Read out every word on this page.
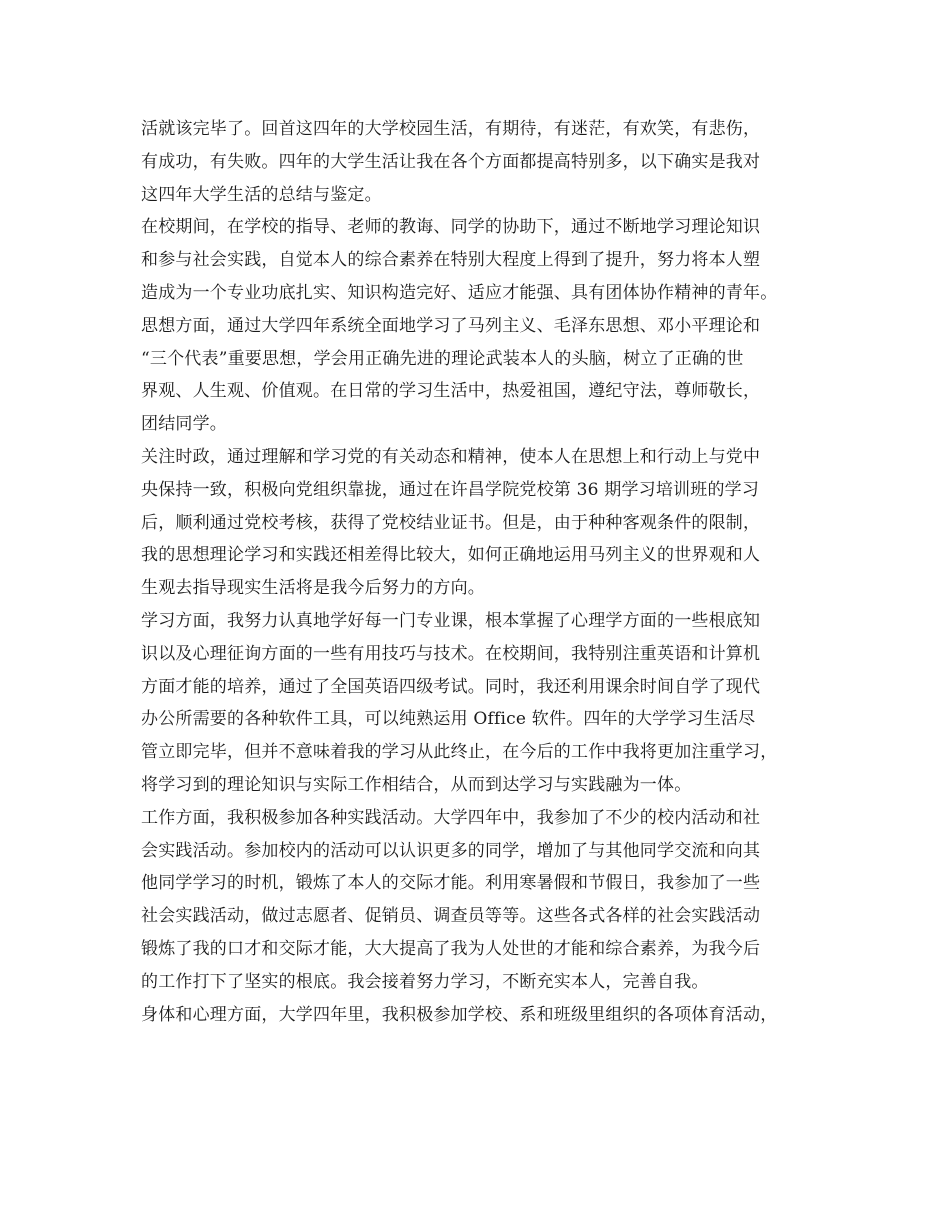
活就该完毕了。回首这四年的大学校园生活，有期待，有迷茫，有欢笑，有悲伤，
有成功，有失败。四年的大学生活让我在各个方面都提高特别多，以下确实是我对
这四年大学生活的总结与鉴定。
在校期间，在学校的指导、老师的教诲、同学的协助下，通过不断地学习理论知识
和参与社会实践，自觉本人的综合素养在特别大程度上得到了提升，努力将本人塑
造成为一个专业功底扎实、知识构造完好、适应才能强、具有团体协作精神的青年。
思想方面，通过大学四年系统全面地学习了马列主义、毛泽东思想、邓小平理论和
“三个代表”重要思想，学会用正确先进的理论武装本人的头脑，树立了正确的世
界观、人生观、价值观。在日常的学习生活中，热爱祖国，遵纪守法，尊师敬长，
团结同学。
关注时政，通过理解和学习党的有关动态和精神，使本人在思想上和行动上与党中
央保持一致，积极向党组织靠拢，通过在许昌学院党校第 36 期学习培训班的学习
后，顺利通过党校考核，获得了党校结业证书。但是，由于种种客观条件的限制，
我的思想理论学习和实践还相差得比较大，如何正确地运用马列主义的世界观和人
生观去指导现实生活将是我今后努力的方向。
学习方面，我努力认真地学好每一门专业课，根本掌握了心理学方面的一些根底知
识以及心理征询方面的一些有用技巧与技术。在校期间，我特别注重英语和计算机
方面才能的培养，通过了全国英语四级考试。同时，我还利用课余时间自学了现代
办公所需要的各种软件工具，可以纯熟运用 Office 软件。四年的大学学习生活尽
管立即完毕，但并不意味着我的学习从此终止，在今后的工作中我将更加注重学习，
将学习到的理论知识与实际工作相结合，从而到达学习与实践融为一体。
工作方面，我积极参加各种实践活动。大学四年中，我参加了不少的校内活动和社
会实践活动。参加校内的活动可以认识更多的同学，增加了与其他同学交流和向其
他同学学习的时机，锻炼了本人的交际才能。利用寒暑假和节假日，我参加了一些
社会实践活动，做过志愿者、促销员、调查员等等。这些各式各样的社会实践活动
锻炼了我的口才和交际才能，大大提高了我为人处世的才能和综合素养，为我今后
的工作打下了坚实的根底。我会接着努力学习，不断充实本人，完善自我。
身体和心理方面，大学四年里，我积极参加学校、系和班级里组织的各项体育活动，
